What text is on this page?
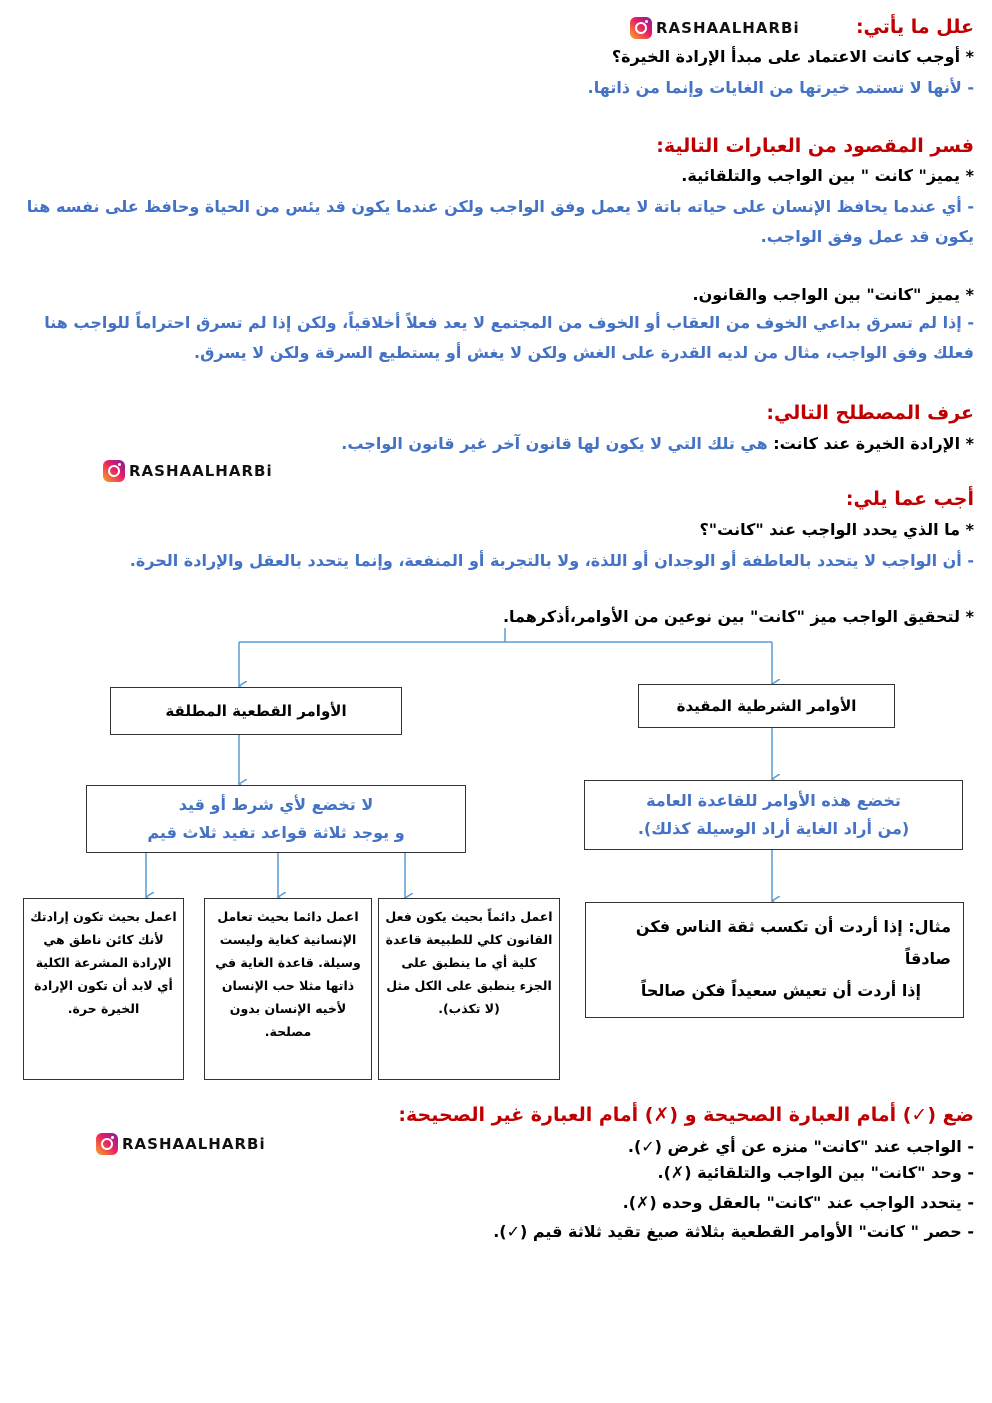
RASHAALHARBi
RASHAALHARBi
RASHAALHARBi
علل ما يأتي:
* أوجب كانت الاعتماد على مبدأ الإرادة الخيرة؟
- لأنها لا تستمد خيرتها من الغايات وإنما من ذاتها.
فسر المقصود من العبارات التالية:
* يميز" كانت " بين الواجب والتلقائية.
- أي عندما يحافظ الإنسان على حياته باتة لا يعمل وفق الواجب ولكن عندما يكون قد يئس من الحياة وحافظ على نفسه هنا يكون قد عمل وفق الواجب.
* يميز "كانت" بين الواجب والقانون.
- إذا لم تسرق بداعي الخوف من العقاب أو الخوف من المجتمع لا يعد فعلاً أخلاقياً، ولكن إذا لم تسرق احتراماً للواجب هنا فعلك وفق الواجب، مثال من لديه القدرة على الغش ولكن لا يغش أو يستطيع السرقة ولكن لا يسرق.
عرف المصطلح التالي:
* الإرادة الخيرة عند كانت: هي تلك التي لا يكون لها قانون آخر غير قانون الواجب.
أجب عما يلي:
* ما الذي يحدد الواجب عند "كانت"؟
- أن الواجب لا يتحدد بالعاطفة أو الوجدان أو اللذة، ولا بالتجربة أو المنفعة، وإنما يتحدد بالعقل والإرادة الحرة.
* لتحقيق الواجب ميز "كانت" بين نوعين من الأوامر،أذكرهما.
الأوامر الشرطية المقيدة
الأوامر القطعية المطلقة
تخضع هذه الأوامر للقاعدة العامة
(من أراد الغاية أراد الوسيلة كذلك).
لا تخضع لأي شرط أو قيد
و يوجد ثلاثة قواعد تفيد ثلاث قيم
مثال: إذا أردت أن تكسب ثقة الناس فكن صادقاً
إذا أردت أن تعيش سعيداً فكن صالحاً
اعمل دائماً بحيث يكون فعل القانون كلي للطبيعة قاعدة كلية أي ما ينطبق على الجزء ينطبق على الكل مثل (لا تكذب).
اعمل دائما بحيث تعامل الإنسانية كغاية وليست وسيلة. قاعدة الغاية في ذاتها مثلا حب الإنسان لأخيه الإنسان بدون مصلحة.
اعمل بحيث تكون إرادتك لأنك كائن ناطق هي الإرادة المشرعة الكلية أي لابد أن تكون الإرادة الخيرة حرة.
ضع (✓) أمام العبارة الصحيحة و (✗) أمام العبارة غير الصحيحة:
- الواجب عند "كانت" منزه عن أي غرض (✓).
- وحد "كانت" بين الواجب والتلقائية (✗).
- يتحدد الواجب عند "كانت" بالعقل وحده (✗).
- حصر " كانت" الأوامر القطعية بثلاثة صيغ تقيد ثلاثة قيم (✓).
